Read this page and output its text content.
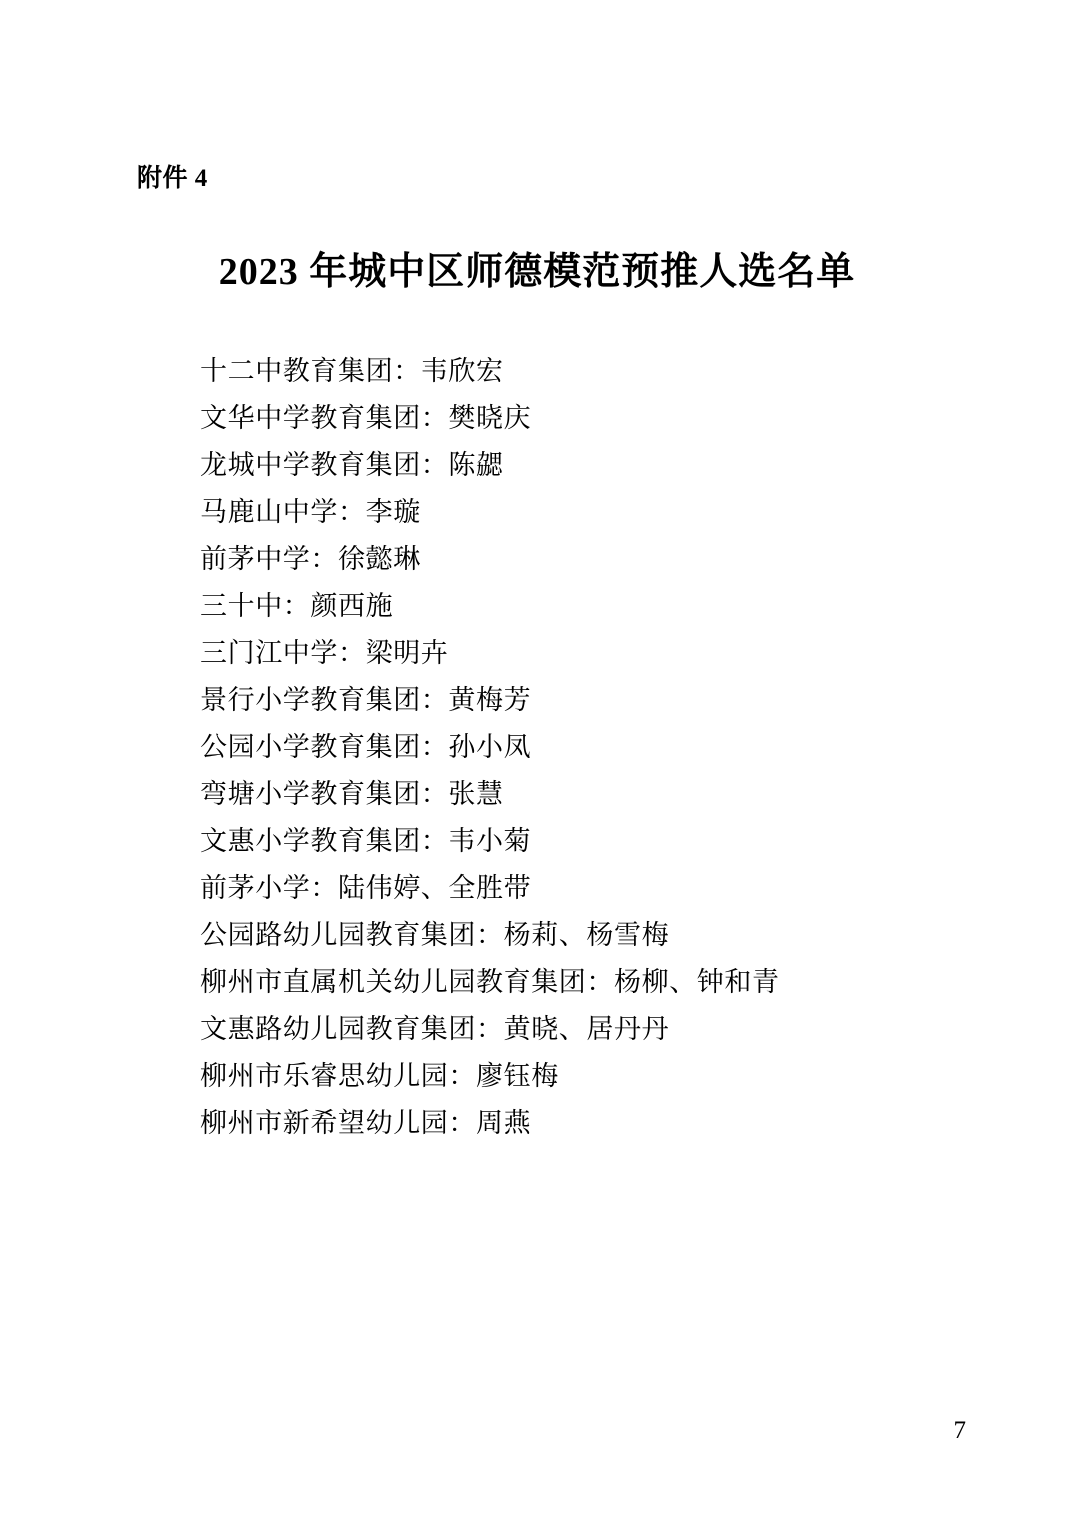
附件 4
2023 年城中区师德模范预推人选名单
十二中教育集团：韦欣宏
文华中学教育集团：樊晓庆
龙城中学教育集团：陈勰
马鹿山中学：李璇
前茅中学：徐懿琳
三十中：颜西施
三门江中学：梁明卉
景行小学教育集团：黄梅芳
公园小学教育集团：孙小凤
弯塘小学教育集团：张慧
文惠小学教育集团：韦小菊
前茅小学：陆伟婷、全胜带
公园路幼儿园教育集团：杨莉、杨雪梅
柳州市直属机关幼儿园教育集团：杨柳、钟和青
文惠路幼儿园教育集团：黄晓、居丹丹
柳州市乐睿思幼儿园：廖钰梅
柳州市新希望幼儿园：周燕
7
